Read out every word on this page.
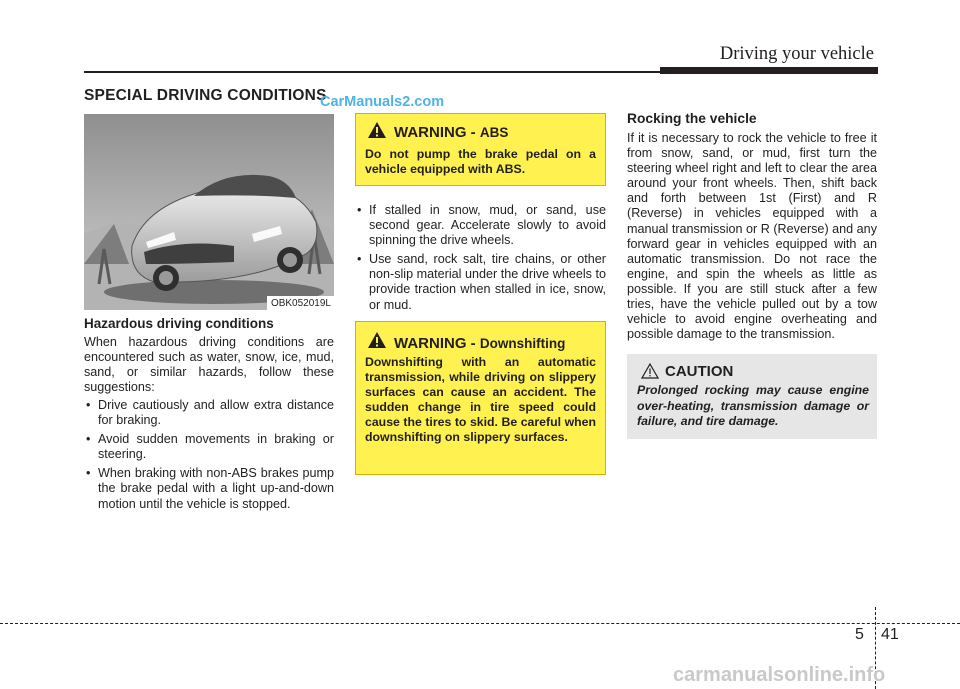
Driving your vehicle
SPECIAL DRIVING CONDITIONS
CarManuals2.com
OBK052019L
Hazardous driving conditions
When hazardous driving conditions are encountered such as water, snow, ice, mud, sand, or similar hazards, follow these suggestions:
• Drive cautiously and allow extra distance for braking.
• Avoid sudden movements in braking or steering.
• When braking with non-ABS brakes pump the brake pedal with a light up-and-down motion until the vehicle is stopped.
WARNING - ABS
Do not pump the brake pedal on a vehicle equipped with ABS.
• If stalled in snow, mud, or sand, use second gear. Accelerate slowly to avoid spinning the drive wheels.
• Use sand, rock salt, tire chains, or other non-slip material under the drive wheels to provide traction when stalled in ice, snow, or mud.
WARNING - Downshifting
Downshifting with an automatic transmission, while driving on slippery surfaces can cause an accident. The sudden change in tire speed could cause the tires to skid. Be careful when downshifting on slippery surfaces.
Rocking the vehicle
If it is necessary to rock the vehicle to free it from snow, sand, or mud, first turn the steering wheel right and left to clear the area around your front wheels. Then, shift back and forth between 1st (First) and R (Reverse) in vehicles equipped with a manual transmission or R (Reverse) and any forward gear in vehicles equipped with an automatic transmission. Do not race the engine, and spin the wheels as little as possible. If you are still stuck after a few tries, have the vehicle pulled out by a tow vehicle to avoid engine overheating and possible damage to the transmission.
CAUTION
Prolonged rocking may cause engine over-heating, transmission damage or failure, and tire damage.
5 41
carmanualsonline.info
